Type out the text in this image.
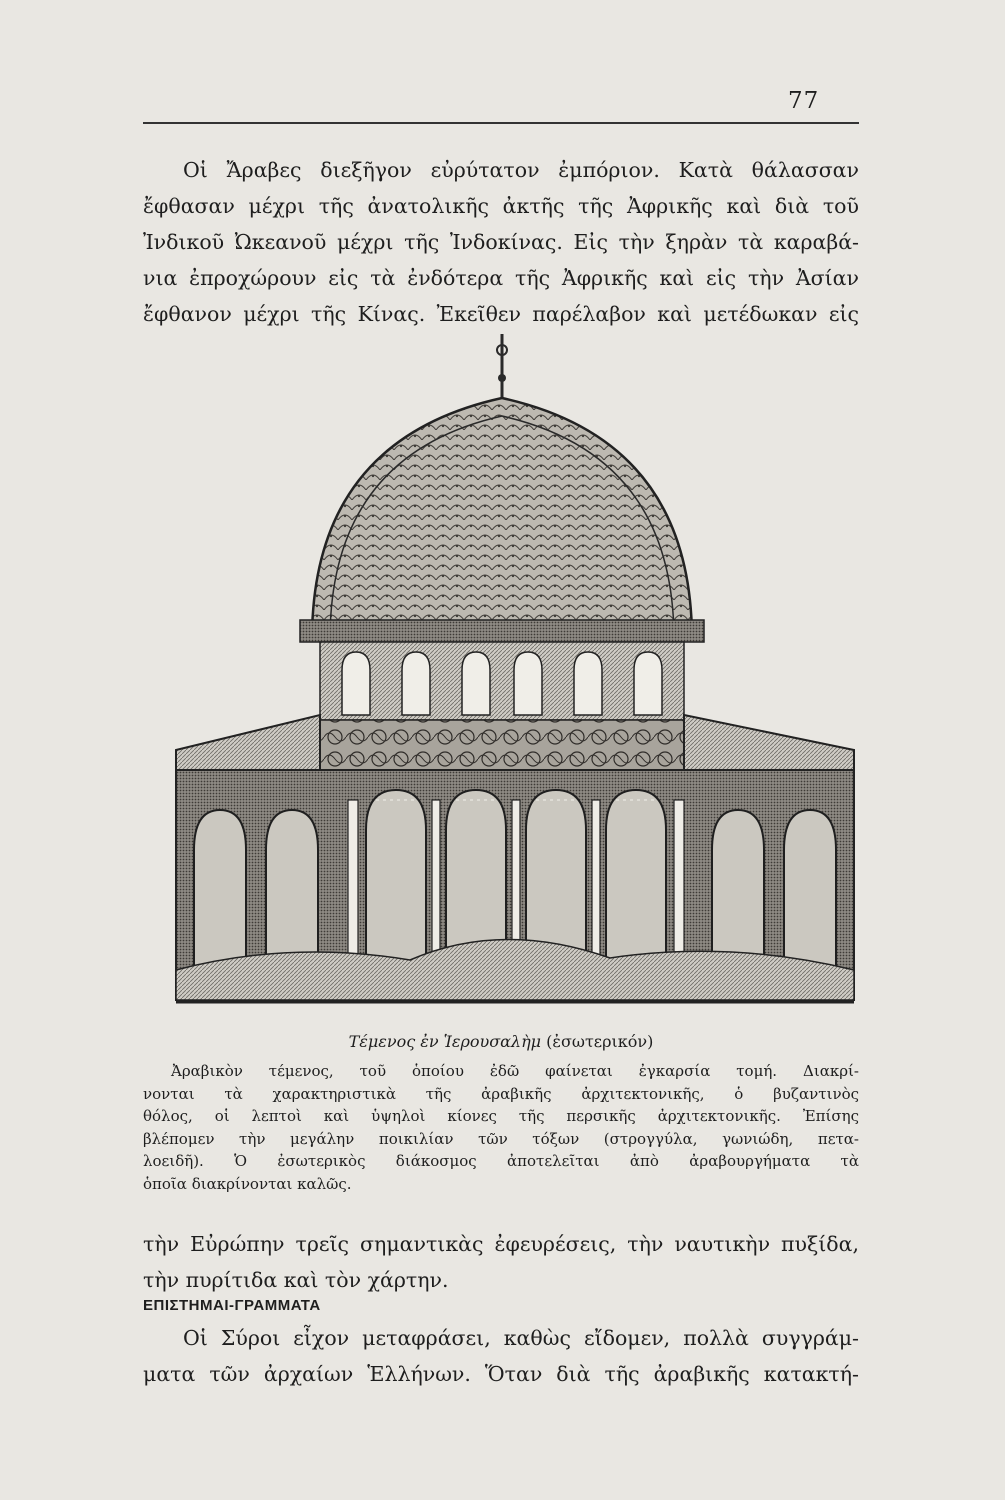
77
Οἱ Ἄραβες διεξῆγον εὐρύτατον ἐμπόριον. Κατὰ θάλασσαν
ἔφθασαν μέχρι τῆς ἀνατολικῆς ἀκτῆς τῆς Ἀφρικῆς καὶ διὰ τοῦ
Ἰνδικοῦ Ὠκεανοῦ μέχρι τῆς Ἰνδοκίνας. Εἰς τὴν ξηρὰν τὰ καραβά-
νια ἐπροχώρουν εἰς τὰ ἐνδότερα τῆς Ἀφρικῆς καὶ εἰς τὴν Ἀσίαν
ἔφθανον μέχρι τῆς Κίνας. Ἐκεῖθεν παρέλαβον καὶ μετέδωκαν εἰς
Τέμενος ἐν Ἱερουσαλὴμ (ἐσωτερικόν)
Ἀραβικὸν τέμενος, τοῦ ὁποίου ἐδῶ φαίνεται ἐγκαρσία τομή. Διακρί-
νονται τὰ χαρακτηριστικὰ τῆς ἀραβικῆς ἀρχιτεκτονικῆς, ὁ βυζαντινὸς
θόλος, οἱ λεπτοὶ καὶ ὑψηλοὶ κίονες τῆς περσικῆς ἀρχιτεκτονικῆς. Ἐπίσης
βλέπομεν τὴν μεγάλην ποικιλίαν τῶν τόξων (στρογγύλα, γωνιώδη, πετα-
λοειδῆ). Ὁ ἐσωτερικὸς διάκοσμος ἀποτελεῖται ἀπὸ ἀραβουργήματα τὰ
ὁποῖα διακρίνονται καλῶς.
τὴν Εὐρώπην τρεῖς σημαντικὰς ἐφευρέσεις, τὴν ναυτικὴν πυξίδα,
τὴν πυρίτιδα καὶ τὸν χάρτην.
ΕΠΙΣΤΗΜΑΙ-ΓΡΑΜΜΑΤΑ
Οἱ Σύροι εἶχον μεταφράσει, καθὼς εἴδομεν, πολλὰ συγγράμ-
ματα τῶν ἀρχαίων Ἑλλήνων. Ὅταν διὰ τῆς ἀραβικῆς κατακτή-
